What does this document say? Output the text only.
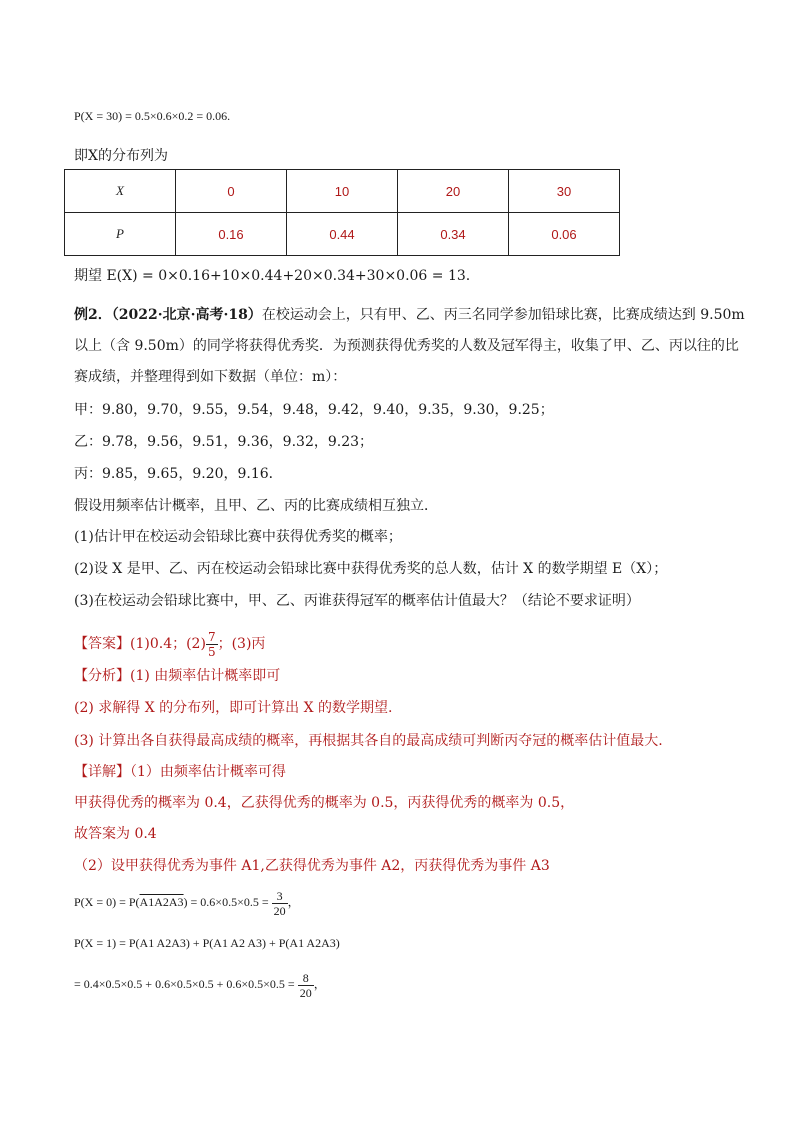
P(X = 30) = 0.5×0.6×0.2 = 0.06.
即X的分布列为
X	0	10	20	30
P	0.16	0.44	0.34	0.06
期望 E(X) = 0×0.16+10×0.44+20×0.34+30×0.06 = 13.
例2．（2022·北京·高考·18）在校运动会上，只有甲、乙、丙三名同学参加铅球比赛，比赛成绩达到 9.50m
以上（含 9.50m）的同学将获得优秀奖．为预测获得优秀奖的人数及冠军得主，收集了甲、乙、丙以往的比
赛成绩，并整理得到如下数据（单位：m）：
甲：9.80，9.70，9.55，9.54，9.48，9.42，9.40，9.35，9.30，9.25；
乙：9.78，9.56，9.51，9.36，9.32，9.23；
丙：9.85，9.65，9.20，9.16．
假设用频率估计概率，且甲、乙、丙的比赛成绩相互独立．
(1)估计甲在校运动会铅球比赛中获得优秀奖的概率；
(2)设 X 是甲、乙、丙在校运动会铅球比赛中获得优秀奖的总人数，估计 X 的数学期望 E（X）；
(3)在校运动会铅球比赛中，甲、乙、丙谁获得冠军的概率估计值最大？（结论不要求证明）
【答案】(1)0.4；$(2) \frac{7}{5}$ ；(3)丙
【分析】(1) 由频率估计概率即可
(2) 求解得 X 的分布列，即可计算出 X 的数学期望.
(3) 计算出各自获得最高成绩的概率，再根据其各自的最高成绩可判断丙夺冠的概率估计值最大.
【详解】（1）由频率估计概率可得
甲获得优秀的概率为 0.4，乙获得优秀的概率为 0.5，丙获得优秀的概率为 0.5，
故答案为 0.4
（2）设甲获得优秀为事件 A1,乙获得优秀为事件 A2，丙获得优秀为事件 A3
$P(X = 0) = P(A1A2A3) = 0.6\times 0.5\times 0.5 = \frac{3}{20}$ ，
P(X = 1) = P(A1 A2A3) + P(A1 A2 A3) + P(A1 A2A3)
= $0.4\times 0.5\times 0.5 + 0.6\times 0.5\times 0.5 + 0.6\times 0.5\times 0.5 = \frac{8}{20}$ ，
